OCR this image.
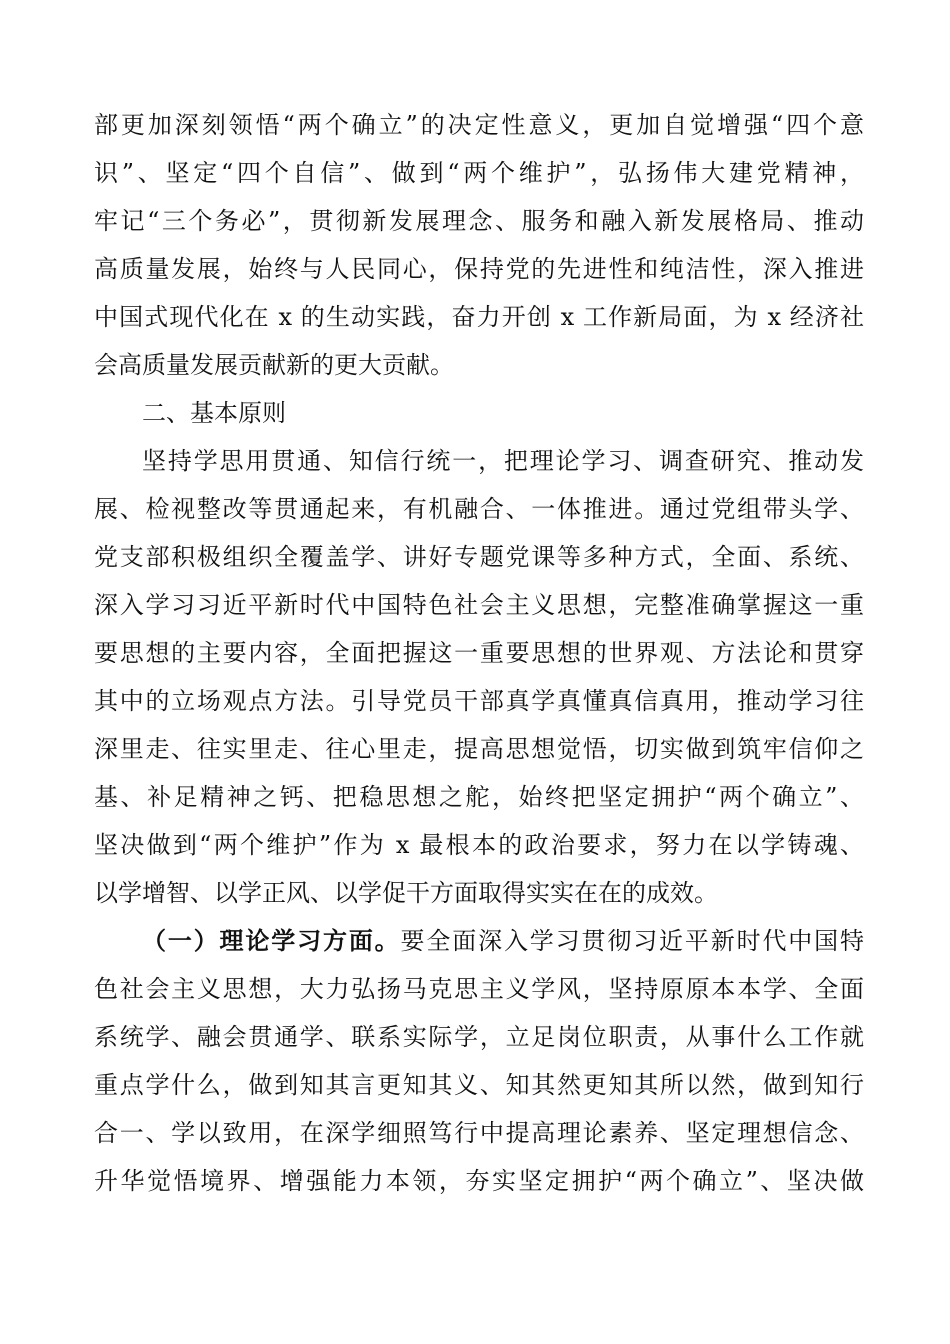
部更加深刻领悟“两个确立”的决定性意义，更加自觉增强“四个意
识”、坚定“四个自信”、做到“两个维护”，弘扬伟大建党精神，
牢记“三个务必”，贯彻新发展理念、服务和融入新发展格局、推动
高质量发展，始终与人民同心，保持党的先进性和纯洁性，深入推进
中国式现代化在 x 的生动实践，奋力开创 x 工作新局面，为 x 经济社
会高质量发展贡献新的更大贡献。
二、基本原则
坚持学思用贯通、知信行统一，把理论学习、调查研究、推动发
展、检视整改等贯通起来，有机融合、一体推进。通过党组带头学、
党支部积极组织全覆盖学、讲好专题党课等多种方式，全面、系统、
深入学习习近平新时代中国特色社会主义思想，完整准确掌握这一重
要思想的主要内容，全面把握这一重要思想的世界观、方法论和贯穿
其中的立场观点方法。引导党员干部真学真懂真信真用，推动学习往
深里走、往实里走、往心里走，提高思想觉悟，切实做到筑牢信仰之
基、补足精神之钙、把稳思想之舵，始终把坚定拥护“两个确立”、
坚决做到“两个维护”作为 x 最根本的政治要求，努力在以学铸魂、
以学增智、以学正风、以学促干方面取得实实在在的成效。
（一）理论学习方面。要全面深入学习贯彻习近平新时代中国特
色社会主义思想，大力弘扬马克思主义学风，坚持原原本本学、全面
系统学、融会贯通学、联系实际学，立足岗位职责，从事什么工作就
重点学什么，做到知其言更知其义、知其然更知其所以然，做到知行
合一、学以致用，在深学细照笃行中提高理论素养、坚定理想信念、
升华觉悟境界、增强能力本领，夯实坚定拥护“两个确立”、坚决做
